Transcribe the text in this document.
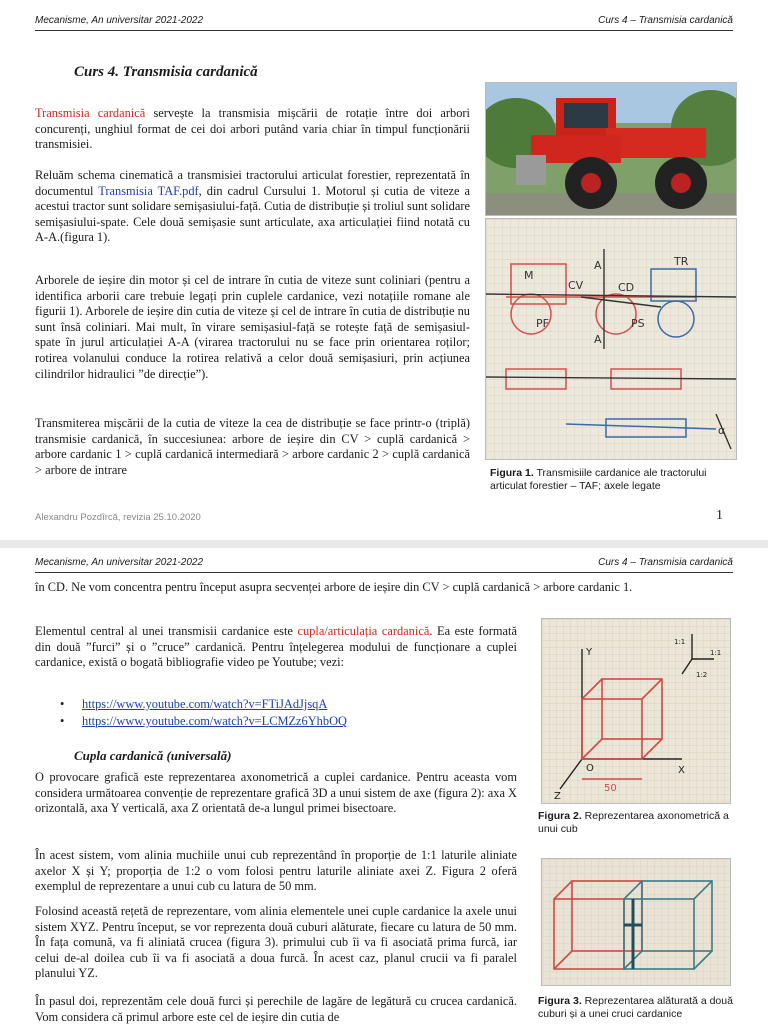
Mecanisme, An universitar 2021-2022	Curs 4 – Transmisia cardanică
Curs 4. Transmisia cardanică
Transmisia cardanică servește la transmisia mișcării de rotație între doi arbori concurenți, unghiul format de cei doi arbori putând varia chiar în timpul funcționării transmisiei.
Reluăm schema cinematică a transmisiei tractorului articulat forestier, reprezentată în documentul Transmisia TAF.pdf, din cadrul Cursului 1. Motorul și cutia de viteze a acestui tractor sunt solidare semișasiului-față. Cutia de distribuție și troliul sunt solidare semișasiului-spate. Cele două semișasie sunt articulate, axa articulației fiind notată cu A-A.(figura 1).
Arborele de ieșire din motor și cel de intrare în cutia de viteze sunt coliniari (pentru a identifica arborii care trebuie legați prin cuplele cardanice, vezi notațiile romane ale figurii 1). Arborele de ieșire din cutia de viteze și cel de intrare în cutia de distribuție nu sunt însă coliniari. Mai mult, în virare semișasiul-față se rotește față de semișasiul-spate în jurul articulației A-A (virarea tractorului nu se face prin orientarea roților; rotirea volanului conduce la rotirea relativă a celor două semișasiuri, prin acțiunea cilindrilor hidraulici ”de direcție”).
Transmiterea mișcării de la cutia de viteze la cea de distribuție se face printr-o (triplă) transmisie cardanică, în succesiunea: arbore de ieșire din CV > cuplă cardanică > arbore cardanic 1 > cuplă cardanică intermediară > arbore cardanic 2 > cuplă cardanică > arbore de intrare
M
CV	CD
TR
PF	PS
A
A
α
Figura 1. Transmisiile cardanice ale tractorului articulat forestier – TAF; axele legate
Alexandru Pozdîrcă, revizia 25.10.2020	1
Mecanisme, An universitar 2021-2022	Curs 4 – Transmisia cardanică
în CD. Ne vom concentra pentru început asupra secvenței arbore de ieșire din CV > cuplă cardanică > arbore cardanic 1.
Elementul central al unei transmisii cardanice este cupla/articulația cardanică. Ea este formată din două ”furci” și o ”cruce” cardanică. Pentru înțelegerea modului de funcționare a cuplei cardanice, există o bogată bibliografie video pe Youtube; vezi:
• https://www.youtube.com/watch?v=FTiJAdJjsqA
• https://www.youtube.com/watch?v=LCMZz6YhbOQ
Cupla cardanică (universală)
O provocare grafică este reprezentarea axonometrică a cuplei cardanice. Pentru aceasta vom considera următoarea convenție de reprezentare grafică 3D a unui sistem de axe (figura 2): axa X orizontală, axa Y verticală, axa Z orientată de-a lungul primei bisectoare.
În acest sistem, vom alinia muchiile unui cub reprezentând în proporție de 1:1 laturile aliniate axelor X și Y; proporția de 1:2 o vom folosi pentru laturile aliniate axei Z. Figura 2 oferă exemplul de reprezentare a unui cub cu latura de 50 mm.
Folosind această rețetă de reprezentare, vom alinia elementele unei cuple cardanice la axele unui sistem XYZ. Pentru început, se vor reprezenta două cuburi alăturate, fiecare cu latura de 50 mm. În fața comună, va fi aliniată crucea (figura 3). primului cub îi va fi asociată prima furcă, iar celui de-al doilea cub îi va fi asociată a doua furcă. În acest caz, planul crucii va fi paralel planului YZ.
În pasul doi, reprezentăm cele două furci și perechile de lagăre de legătură cu crucea cardanică. Vom considera că primul arbore este cel de ieșire din cutia de
Y
X
Z
O
50
1:1
1:1
1:2
Figura 2. Reprezentarea axonometrică a unui cub
Figura 3. Reprezentarea alăturată a două cuburi și a unei cruci cardanice
